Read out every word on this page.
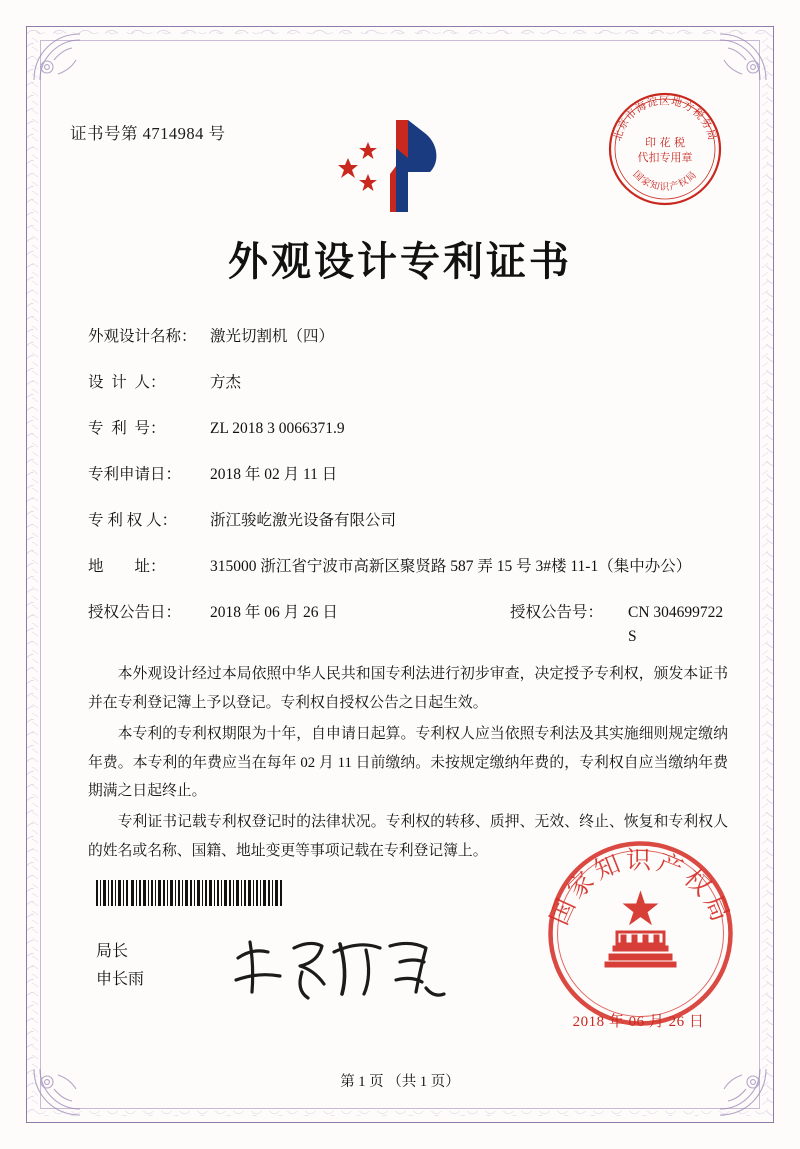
证书号第 4714984 号	北京市海淀区地方税务局
国家知识产权局
印 花 税
代扣专用章
外观设计专利证书
外观设计名称： 激光切割机（四）
设  计  人：	方杰
专  利  号：	ZL 2018 3 0066371.9
专利申请日：	2018 年 02 月 11 日
专 利 权 人：	浙江骏屹激光设备有限公司
地        址：	315000 浙江省宁波市高新区聚贤路 587 弄 15 号 3#楼 11-1（集中办公）
授权公告日：	2018 年 06 月 26 日	授权公告号：	CN 304699722 S

本外观设计经过本局依照中华人民共和国专利法进行初步审查，决定授予专利权，颁发本证书并在专利登记簿上予以登记。专利权自授权公告之日起生效。

本专利的专利权期限为十年，自申请日起算。专利权人应当依照专利法及其实施细则规定缴纳年费。本专利的年费应当在每年 02 月 11 日前缴纳。未按规定缴纳年费的，专利权自应当缴纳年费期满之日起终止。

专利证书记载专利权登记时的法律状况。专利权的转移、质押、无效、终止、恢复和专利权人的姓名或名称、国籍、地址变更等事项记载在专利登记簿上。

局长
申长雨
国家知识产权局
2018 年 06 月 26 日
第 1 页 （共 1 页）
